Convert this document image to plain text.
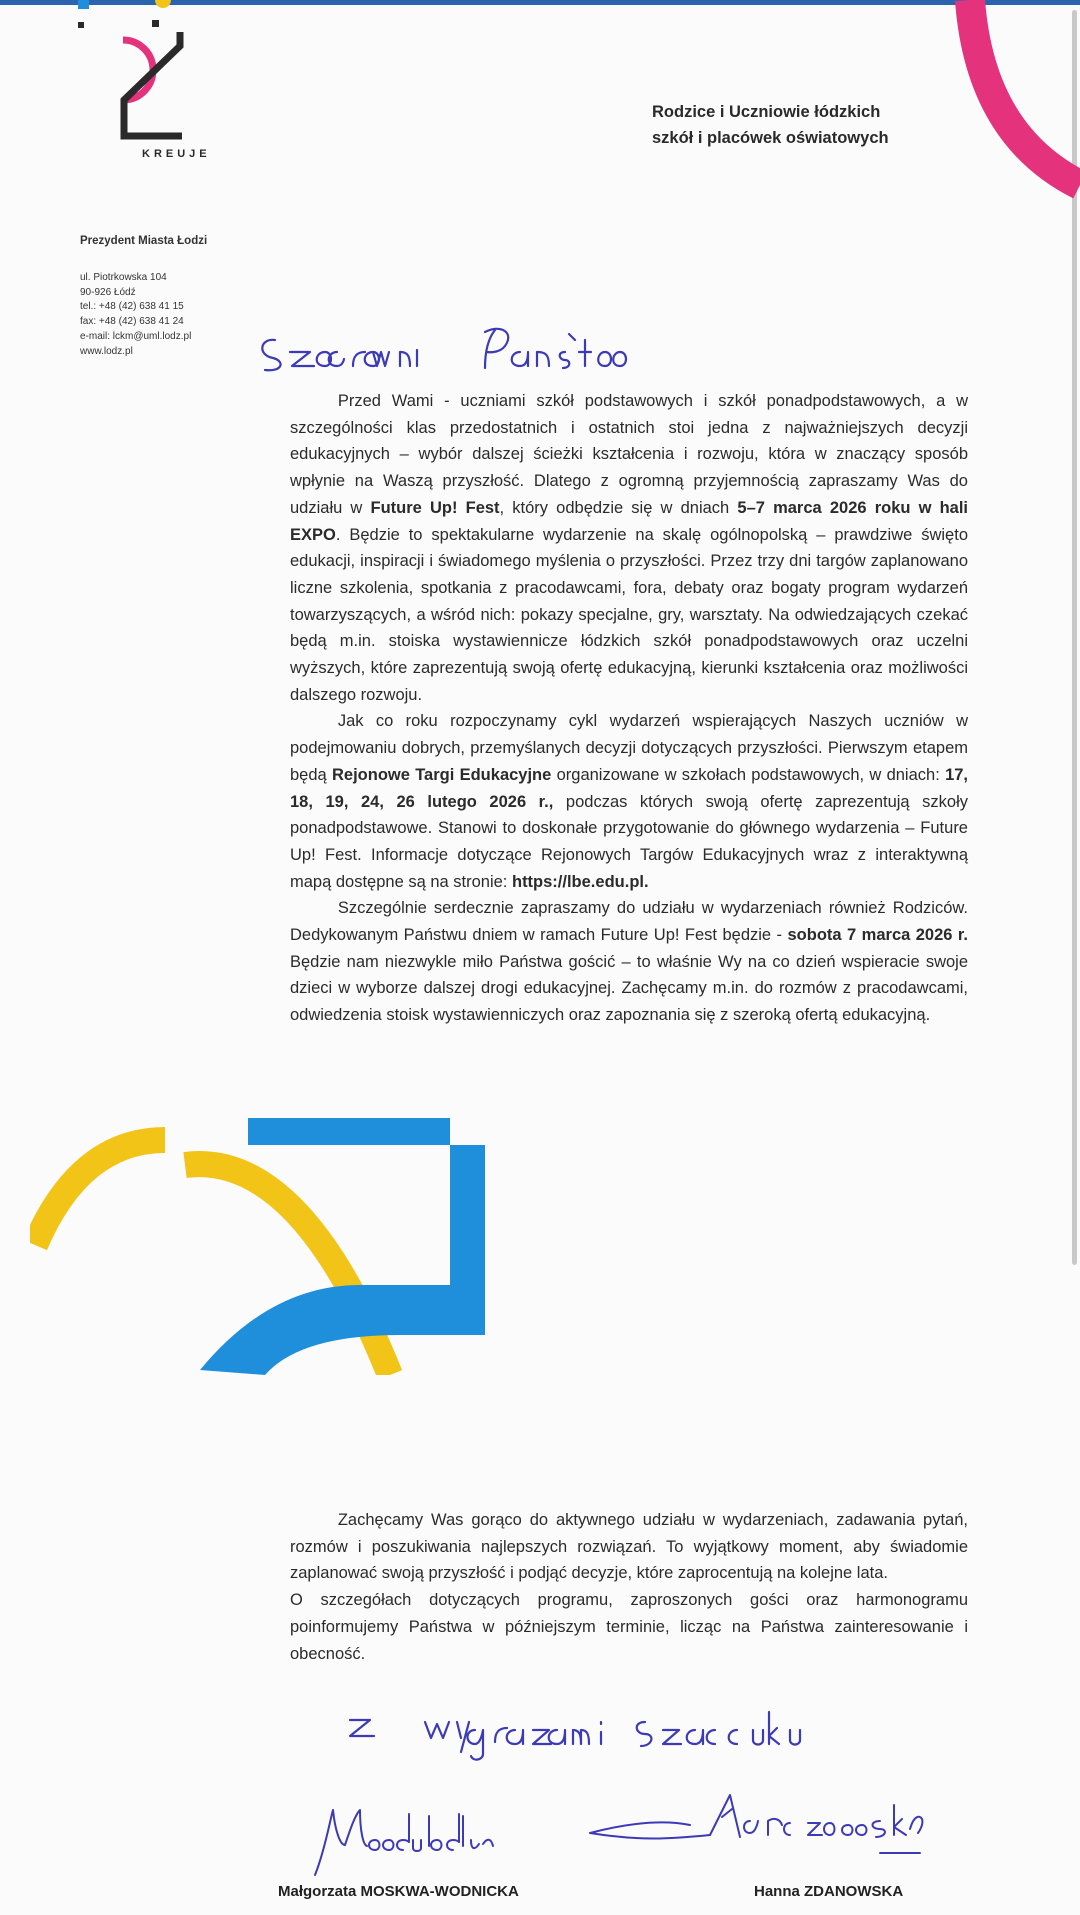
KREUJE
Rodzice i Uczniowie łódzkich
szkół i placówek oświatowych
Prezydent Miasta Łodzi
ul. Piotrkowska 104
90-926 Łódź
tel.: +48 (42) 638 41 15
fax: +48 (42) 638 41 24
e-mail: lckm@uml.lodz.pl
www.lodz.pl

Przed Wami - uczniami szkół podstawowych i szkół ponadpodstawowych, a w szczególności klas przedostatnich i ostatnich stoi jedna z najważniejszych decyzji edukacyjnych – wybór dalszej ścieżki kształcenia i rozwoju, która w znaczący sposób wpłynie na Waszą przyszłość. Dlatego z ogromną przyjemnością zapraszamy Was do udziału w Future Up! Fest, który odbędzie się w dniach 5–7 marca 2026 roku w hali EXPO. Będzie to spektakularne wydarzenie na skalę ogólnopolską – prawdziwe święto edukacji, inspiracji i świadomego myślenia o przyszłości. Przez trzy dni targów zaplanowano liczne szkolenia, spotkania z pracodawcami, fora, debaty oraz bogaty program wydarzeń towarzyszących, a wśród nich: pokazy specjalne, gry, warsztaty. Na odwiedzających czekać będą m.in. stoiska wystawiennicze łódzkich szkół ponadpodstawowych oraz uczelni wyższych, które zaprezentują swoją ofertę edukacyjną, kierunki kształcenia oraz możliwości dalszego rozwoju.

Jak co roku rozpoczynamy cykl wydarzeń wspierających Naszych uczniów w podejmowaniu dobrych, przemyślanych decyzji dotyczących przyszłości. Pierwszym etapem będą Rejonowe Targi Edukacyjne organizowane w szkołach podstawowych, w dniach: 17, 18, 19, 24, 26 lutego 2026 r., podczas których swoją ofertę zaprezentują szkoły ponadpodstawowe. Stanowi to doskonałe przygotowanie do głównego wydarzenia – Future Up! Fest. Informacje dotyczące Rejonowych Targów Edukacyjnych wraz z interaktywną mapą dostępne są na stronie: https://lbe.edu.pl.

Szczególnie serdecznie zapraszamy do udziału w wydarzeniach również Rodziców. Dedykowanym Państwu dniem w ramach Future Up! Fest będzie - sobota 7 marca 2026 r. Będzie nam niezwykle miło Państwa gościć – to właśnie Wy na co dzień wspieracie swoje dzieci w wyborze dalszej drogi edukacyjnej. Zachęcamy m.in. do rozmów z pracodawcami, odwiedzenia stoisk wystawienniczych oraz zapoznania się z szeroką ofertą edukacyjną.

Zachęcamy Was gorąco do aktywnego udziału w wydarzeniach, zadawania pytań, rozmów i poszukiwania najlepszych rozwiązań. To wyjątkowy moment, aby świadomie zaplanować swoją przyszłość i podjąć decyzje, które zaprocentują na kolejne lata.

O szczegółach dotyczących programu, zaproszonych gości oraz harmonogramu poinformujemy Państwa w późniejszym terminie, licząc na Państwa zainteresowanie i obecność.

Małgorzata MOSKWA-WODNICKA	Hanna ZDANOWSKA
